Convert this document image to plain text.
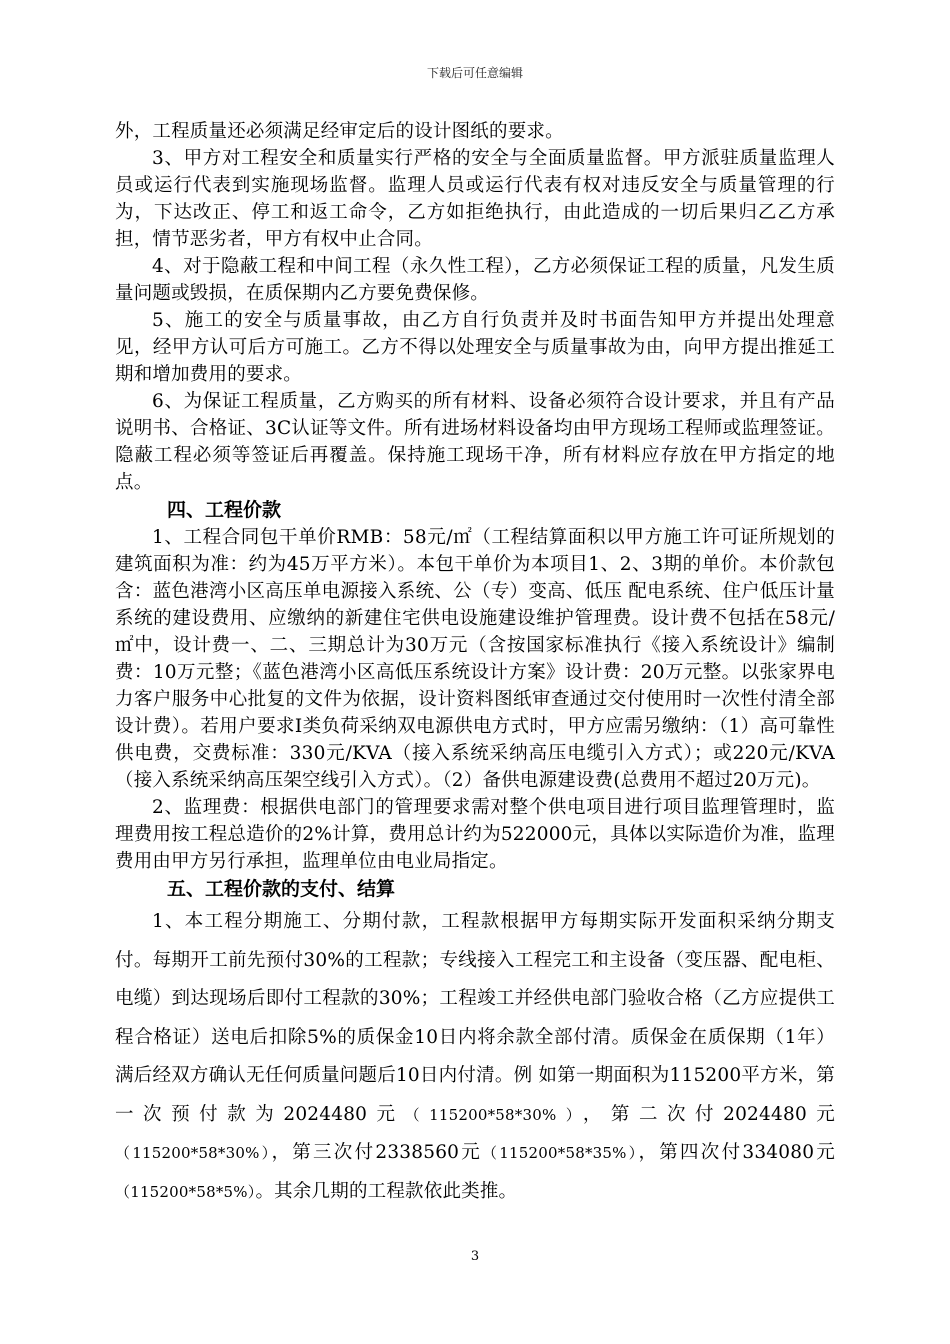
下载后可任意编辑

外，工程质量还必须满足经审定后的设计图纸的要求。

3、甲方对工程安全和质量实行严格的安全与全面质量监督。甲方派驻质量监理人员或运行代表到实施现场监督。监理人员或运行代表有权对违反安全与质量管理的行为，下达改正、停工和返工命令，乙方如拒绝执行，由此造成的一切后果归乙乙方承担，情节恶劣者，甲方有权中止合同。

4、对于隐蔽工程和中间工程（永久性工程），乙方必须保证工程的质量，凡发生质量问题或毁损，在质保期内乙方要免费保修。

5、施工的安全与质量事故，由乙方自行负责并及时书面告知甲方并提出处理意见，经甲方认可后方可施工。乙方不得以处理安全与质量事故为由，向甲方提出推延工期和增加费用的要求。

6、为保证工程质量，乙方购买的所有材料、设备必须符合设计要求，并且有产品说明书、合格证、3C认证等文件。所有进场材料设备均由甲方现场工程师或监理签证。隐蔽工程必须等签证后再覆盖。保持施工现场干净，所有材料应存放在甲方指定的地点。

四、工程价款

1、工程合同包干单价RMB：58元/㎡（工程结算面积以甲方施工许可证所规划的建筑面积为准：约为45万平方米）。本包干单价为本项目1、2、3期的单价。本价款包含：蓝色港湾小区高压单电源接入系统、公（专）变高、低压 配电系统、住户低压计量系统的建设费用、应缴纳的新建住宅供电设施建设维护管理费。设计费不包括在58元/㎡中，设计费一、二、三期总计为30万元（含按国家标准执行《接入系统设计》编制费：10万元整；《蓝色港湾小区高低压系统设计方案》设计费：20万元整。以张家界电力客户服务中心批复的文件为依据，设计资料图纸审查通过交付使用时一次性付清全部设计费）。若用户要求I类负荷采纳双电源供电方式时，甲方应需另缴纳：（1）高可靠性供电费，交费标准：330元/KVA（接入系统采纳高压电缆引入方式）；或220元/KVA（接入系统采纳高压架空线引入方式）。（2）备供电源建设费(总费用不超过20万元)。

2、监理费：根据供电部门的管理要求需对整个供电项目进行项目监理管理时，监理费用按工程总造价的2%计算，费用总计约为522000元，具体以实际造价为准，监理费用由甲方另行承担，监理单位由电业局指定。

五、工程价款的支付、结算

1、本工程分期施工、分期付款，工程款根据甲方每期实际开发面积采纳分期支付。每期开工前先预付30%的工程款；专线接入工程完工和主设备（变压器、配电柜、电缆）到达现场后即付工程款的30%；工程竣工并经供电部门验收合格（乙方应提供工程合格证）送电后扣除5%的质保金10日内将余款全部付清。质保金在质保期（1年）满后经双方确认无任何质量问题后10日内付清。例 如第一期面积为115200平方米，第一次预付款为2024480元（115200*58*30%），第二次付2024480元（115200*58*30%），第三次付2338560元（115200*58*35%），第四次付334080元（115200*58*5%）。其余几期的工程款依此类推。

3
